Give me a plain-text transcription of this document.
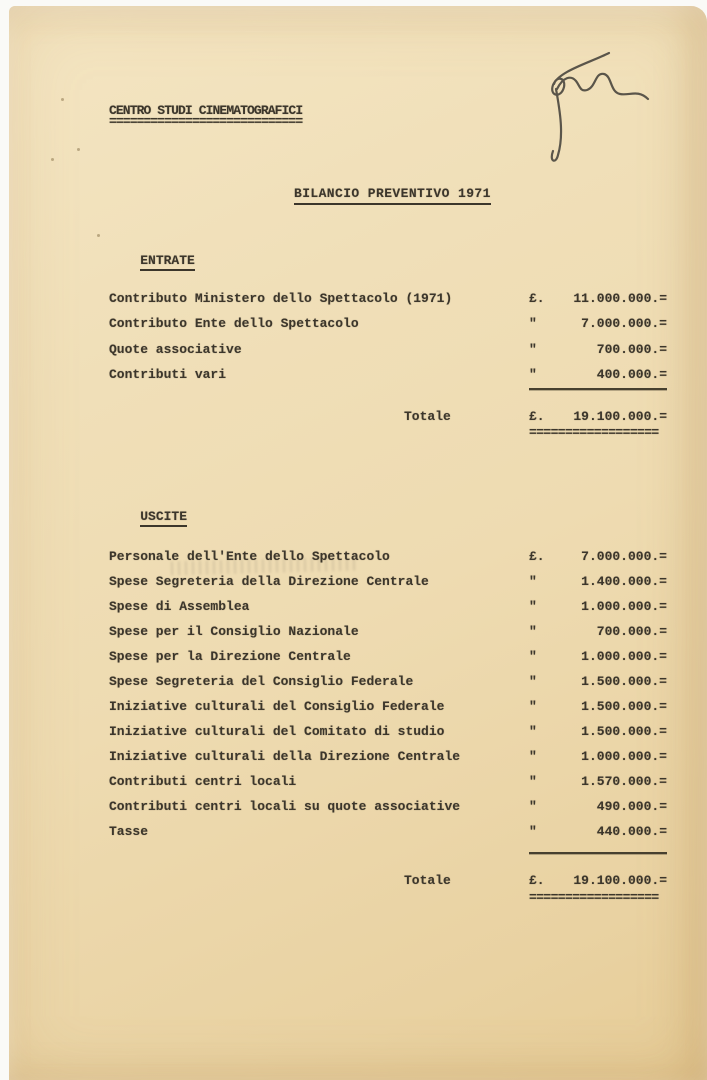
CENTRO STUDI CINEMATOGRAFICI
============================
BILANCIO PREVENTIVO 1971

ENTRATE

Contributo Ministero dello Spettacolo (1971)	£.	11.000.000.=
Contributo Ente dello Spettacolo	"	7.000.000.=
Quote associative	"	700.000.=
Contributi vari	"	400.000.=
Totale	£.	19.100.000.=
==================

USCITE

Personale dell'Ente dello Spettacolo	£.	7.000.000.=
Spese Segreteria della Direzione Centrale	"	1.400.000.=
Spese di Assemblea	"	1.000.000.=
Spese per il Consiglio Nazionale	"	700.000.=
Spese per la Direzione Centrale	"	1.000.000.=
Spese Segreteria del Consiglio Federale	"	1.500.000.=
Iniziative culturali del Consiglio Federale	"	1.500.000.=
Iniziative culturali del Comitato di studio	"	1.500.000.=
Iniziative culturali della Direzione Centrale	"	1.000.000.=
Contributi centri locali	"	1.570.000.=
Contributi centri locali su quote associative	"	490.000.=
Tasse	"	440.000.=
Totale	£.	19.100.000.=
==================
